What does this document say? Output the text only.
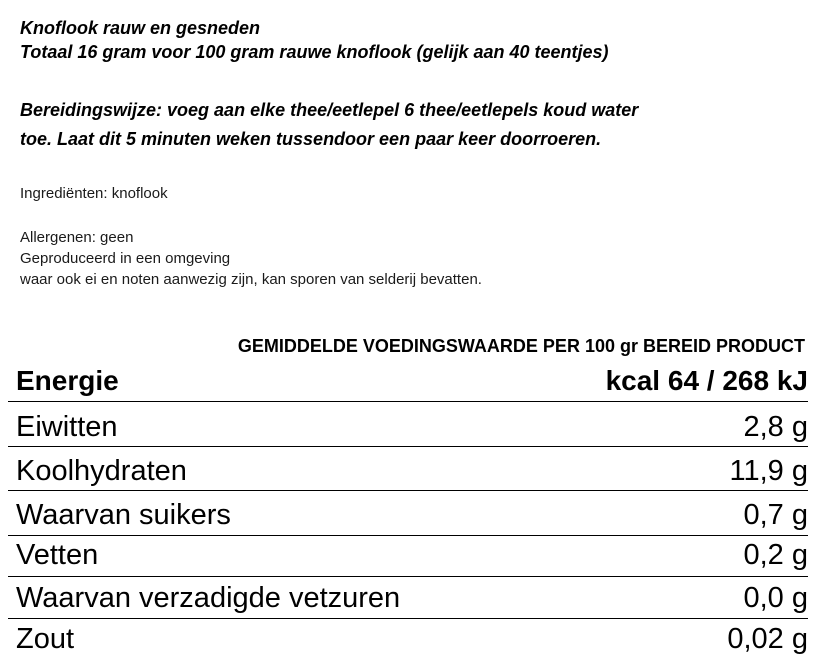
Knoflook rauw en gesneden
Totaal 16 gram voor 100 gram rauwe knoflook (gelijk aan 40 teentjes)
Bereidingswijze: voeg aan elke thee/eetlepel 6 thee/eetlepels koud water
toe. Laat dit 5 minuten weken tussendoor een paar keer doorroeren.
Ingrediënten: knoflook
Allergenen: geen
Geproduceerd in een omgeving
waar ook ei en noten aanwezig zijn, kan sporen van selderij bevatten.
GEMIDDELDE VOEDINGSWAARDE PER 100 gr BEREID PRODUCT
Energie	kcal 64 / 268 kJ
Eiwitten	2,8 g
Koolhydraten	11,9 g
Waarvan suikers	0,7 g
Vetten	0,2 g
Waarvan verzadigde vetzuren	0,0 g
Zout	0,02 g
